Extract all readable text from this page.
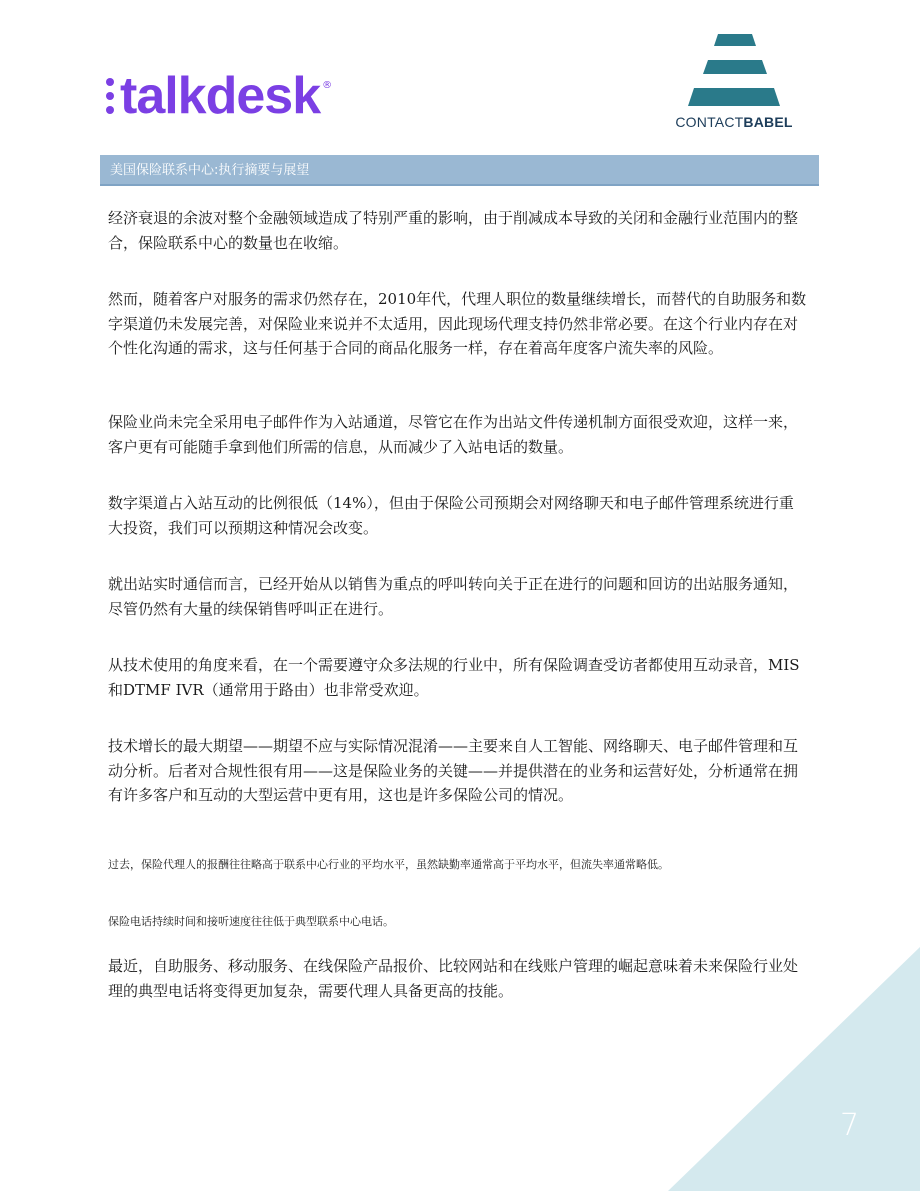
talkdesk ®
CONTACTBABEL
美国保险联系中心:执行摘要与展望

经济衰退的余波对整个金融领域造成了特别严重的影响，由于削减成本导致的关闭和金融行业范围内的整合，保险联系中心的数量也在收缩。

然而，随着客户对服务的需求仍然存在，2010年代，代理人职位的数量继续增长，而替代的自助服务和数字渠道仍未发展完善，对保险业来说并不太适用，因此现场代理支持仍然非常必要。在这个行业内存在对个性化沟通的需求，这与任何基于合同的商品化服务一样，存在着高年度客户流失率的风险。

保险业尚未完全采用电子邮件作为入站通道，尽管它在作为出站文件传递机制方面很受欢迎，这样一来，客户更有可能随手拿到他们所需的信息，从而减少了入站电话的数量。

数字渠道占入站互动的比例很低（14%），但由于保险公司预期会对网络聊天和电子邮件管理系统进行重大投资，我们可以预期这种情况会改变。

就出站实时通信而言，已经开始从以销售为重点的呼叫转向关于正在进行的问题和回访的出站服务通知，尽管仍然有大量的续保销售呼叫正在进行。

从技术使用的角度来看，在一个需要遵守众多法规的行业中，所有保险调查受访者都使用互动录音，MIS和DTMF IVR（通常用于路由）也非常受欢迎。

技术增长的最大期望——期望不应与实际情况混淆——主要来自人工智能、网络聊天、电子邮件管理和互动分析。后者对合规性很有用——这是保险业务的关键——并提供潜在的业务和运营好处，分析通常在拥有许多客户和互动的大型运营中更有用，这也是许多保险公司的情况。

过去，保险代理人的报酬往往略高于联系中心行业的平均水平，虽然缺勤率通常高于平均水平，但流失率通常略低。

保险电话持续时间和接听速度往往低于典型联系中心电话。

最近，自助服务、移动服务、在线保险产品报价、比较网站和在线账户管理的崛起意味着未来保险行业处理的典型电话将变得更加复杂，需要代理人具备更高的技能。

7
